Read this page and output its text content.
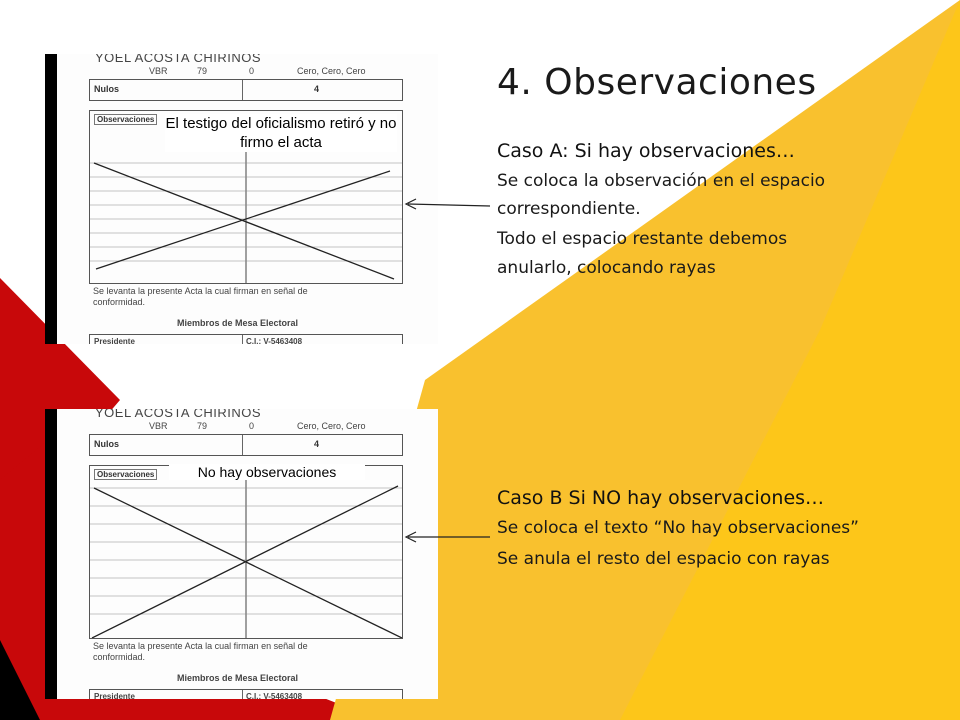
YOEL ACOSTA CHIRINOS
VBR	79	0	Cero, Cero, Cero
Nulos	4
Observaciones
Se levanta la presente Acta la cual firman en señal de conformidad.
Miembros de Mesa Electoral
Presidente	C.I.: V-5463408
El testigo del oficialismo retiró y no firmo el acta
YOEL ACOSTA CHIRINOS
VBR	79	0	Cero, Cero, Cero
Nulos	4
Observaciones
Se levanta la presente Acta la cual firman en señal de conformidad.
Miembros de Mesa Electoral
Presidente	C.I.: V-5463408
No hay observaciones
4. Observaciones
Caso A: Si hay observaciones…
Se coloca la observación en el espacio
correspondiente.
Todo el espacio restante debemos
anularlo, colocando rayas
Caso B Si NO hay observaciones…
Se coloca el texto “No hay observaciones”
Se anula el resto del espacio con rayas
